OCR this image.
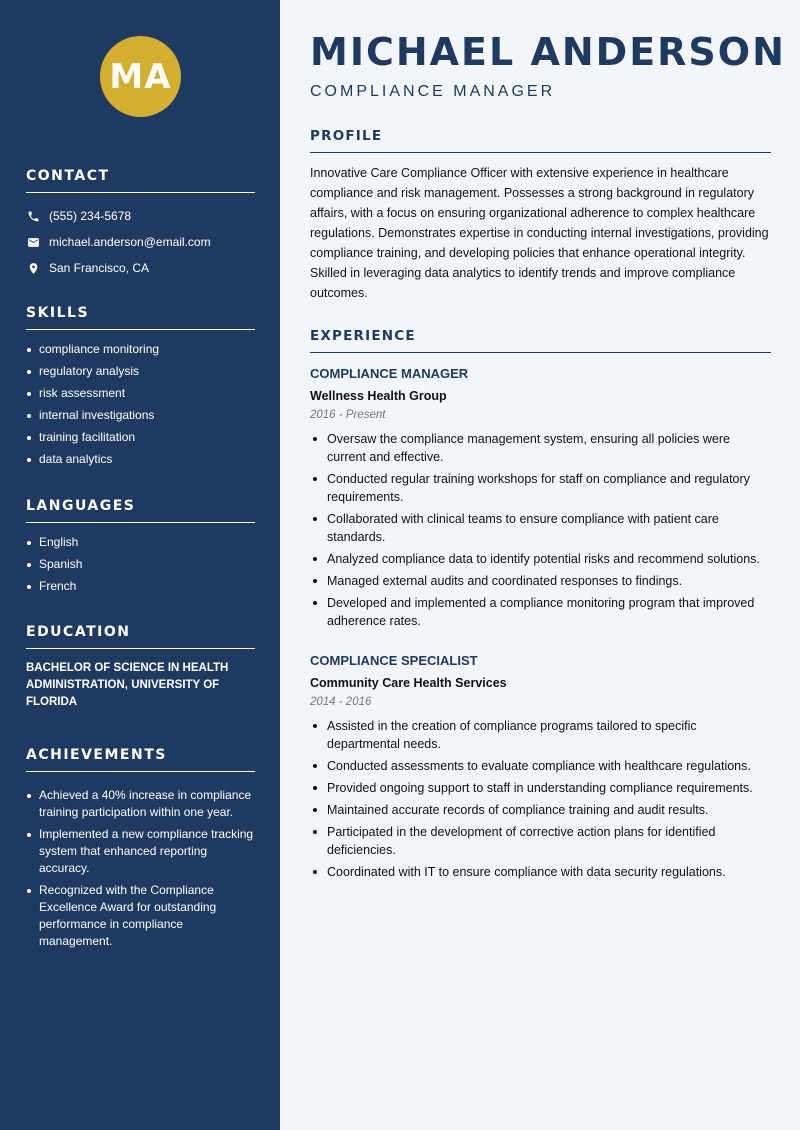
MA
CONTACT
(555) 234-5678
michael.anderson@email.com
San Francisco, CA
SKILLS
compliance monitoring
regulatory analysis
risk assessment
internal investigations
training facilitation
data analytics
LANGUAGES
English
Spanish
French
EDUCATION
BACHELOR OF SCIENCE IN HEALTH ADMINISTRATION, UNIVERSITY OF FLORIDA
ACHIEVEMENTS
Achieved a 40% increase in compliance training participation within one year.
Implemented a new compliance tracking system that enhanced reporting accuracy.
Recognized with the Compliance Excellence Award for outstanding performance in compliance management.
MICHAEL ANDERSON
COMPLIANCE MANAGER
PROFILE
Innovative Care Compliance Officer with extensive experience in healthcare compliance and risk management. Possesses a strong background in regulatory affairs, with a focus on ensuring organizational adherence to complex healthcare regulations. Demonstrates expertise in conducting internal investigations, providing compliance training, and developing policies that enhance operational integrity. Skilled in leveraging data analytics to identify trends and improve compliance outcomes.
EXPERIENCE
COMPLIANCE MANAGER
Wellness Health Group
2016 - Present
Oversaw the compliance management system, ensuring all policies were current and effective.
Conducted regular training workshops for staff on compliance and regulatory requirements.
Collaborated with clinical teams to ensure compliance with patient care standards.
Analyzed compliance data to identify potential risks and recommend solutions.
Managed external audits and coordinated responses to findings.
Developed and implemented a compliance monitoring program that improved adherence rates.
COMPLIANCE SPECIALIST
Community Care Health Services
2014 - 2016
Assisted in the creation of compliance programs tailored to specific departmental needs.
Conducted assessments to evaluate compliance with healthcare regulations.
Provided ongoing support to staff in understanding compliance requirements.
Maintained accurate records of compliance training and audit results.
Participated in the development of corrective action plans for identified deficiencies.
Coordinated with IT to ensure compliance with data security regulations.
